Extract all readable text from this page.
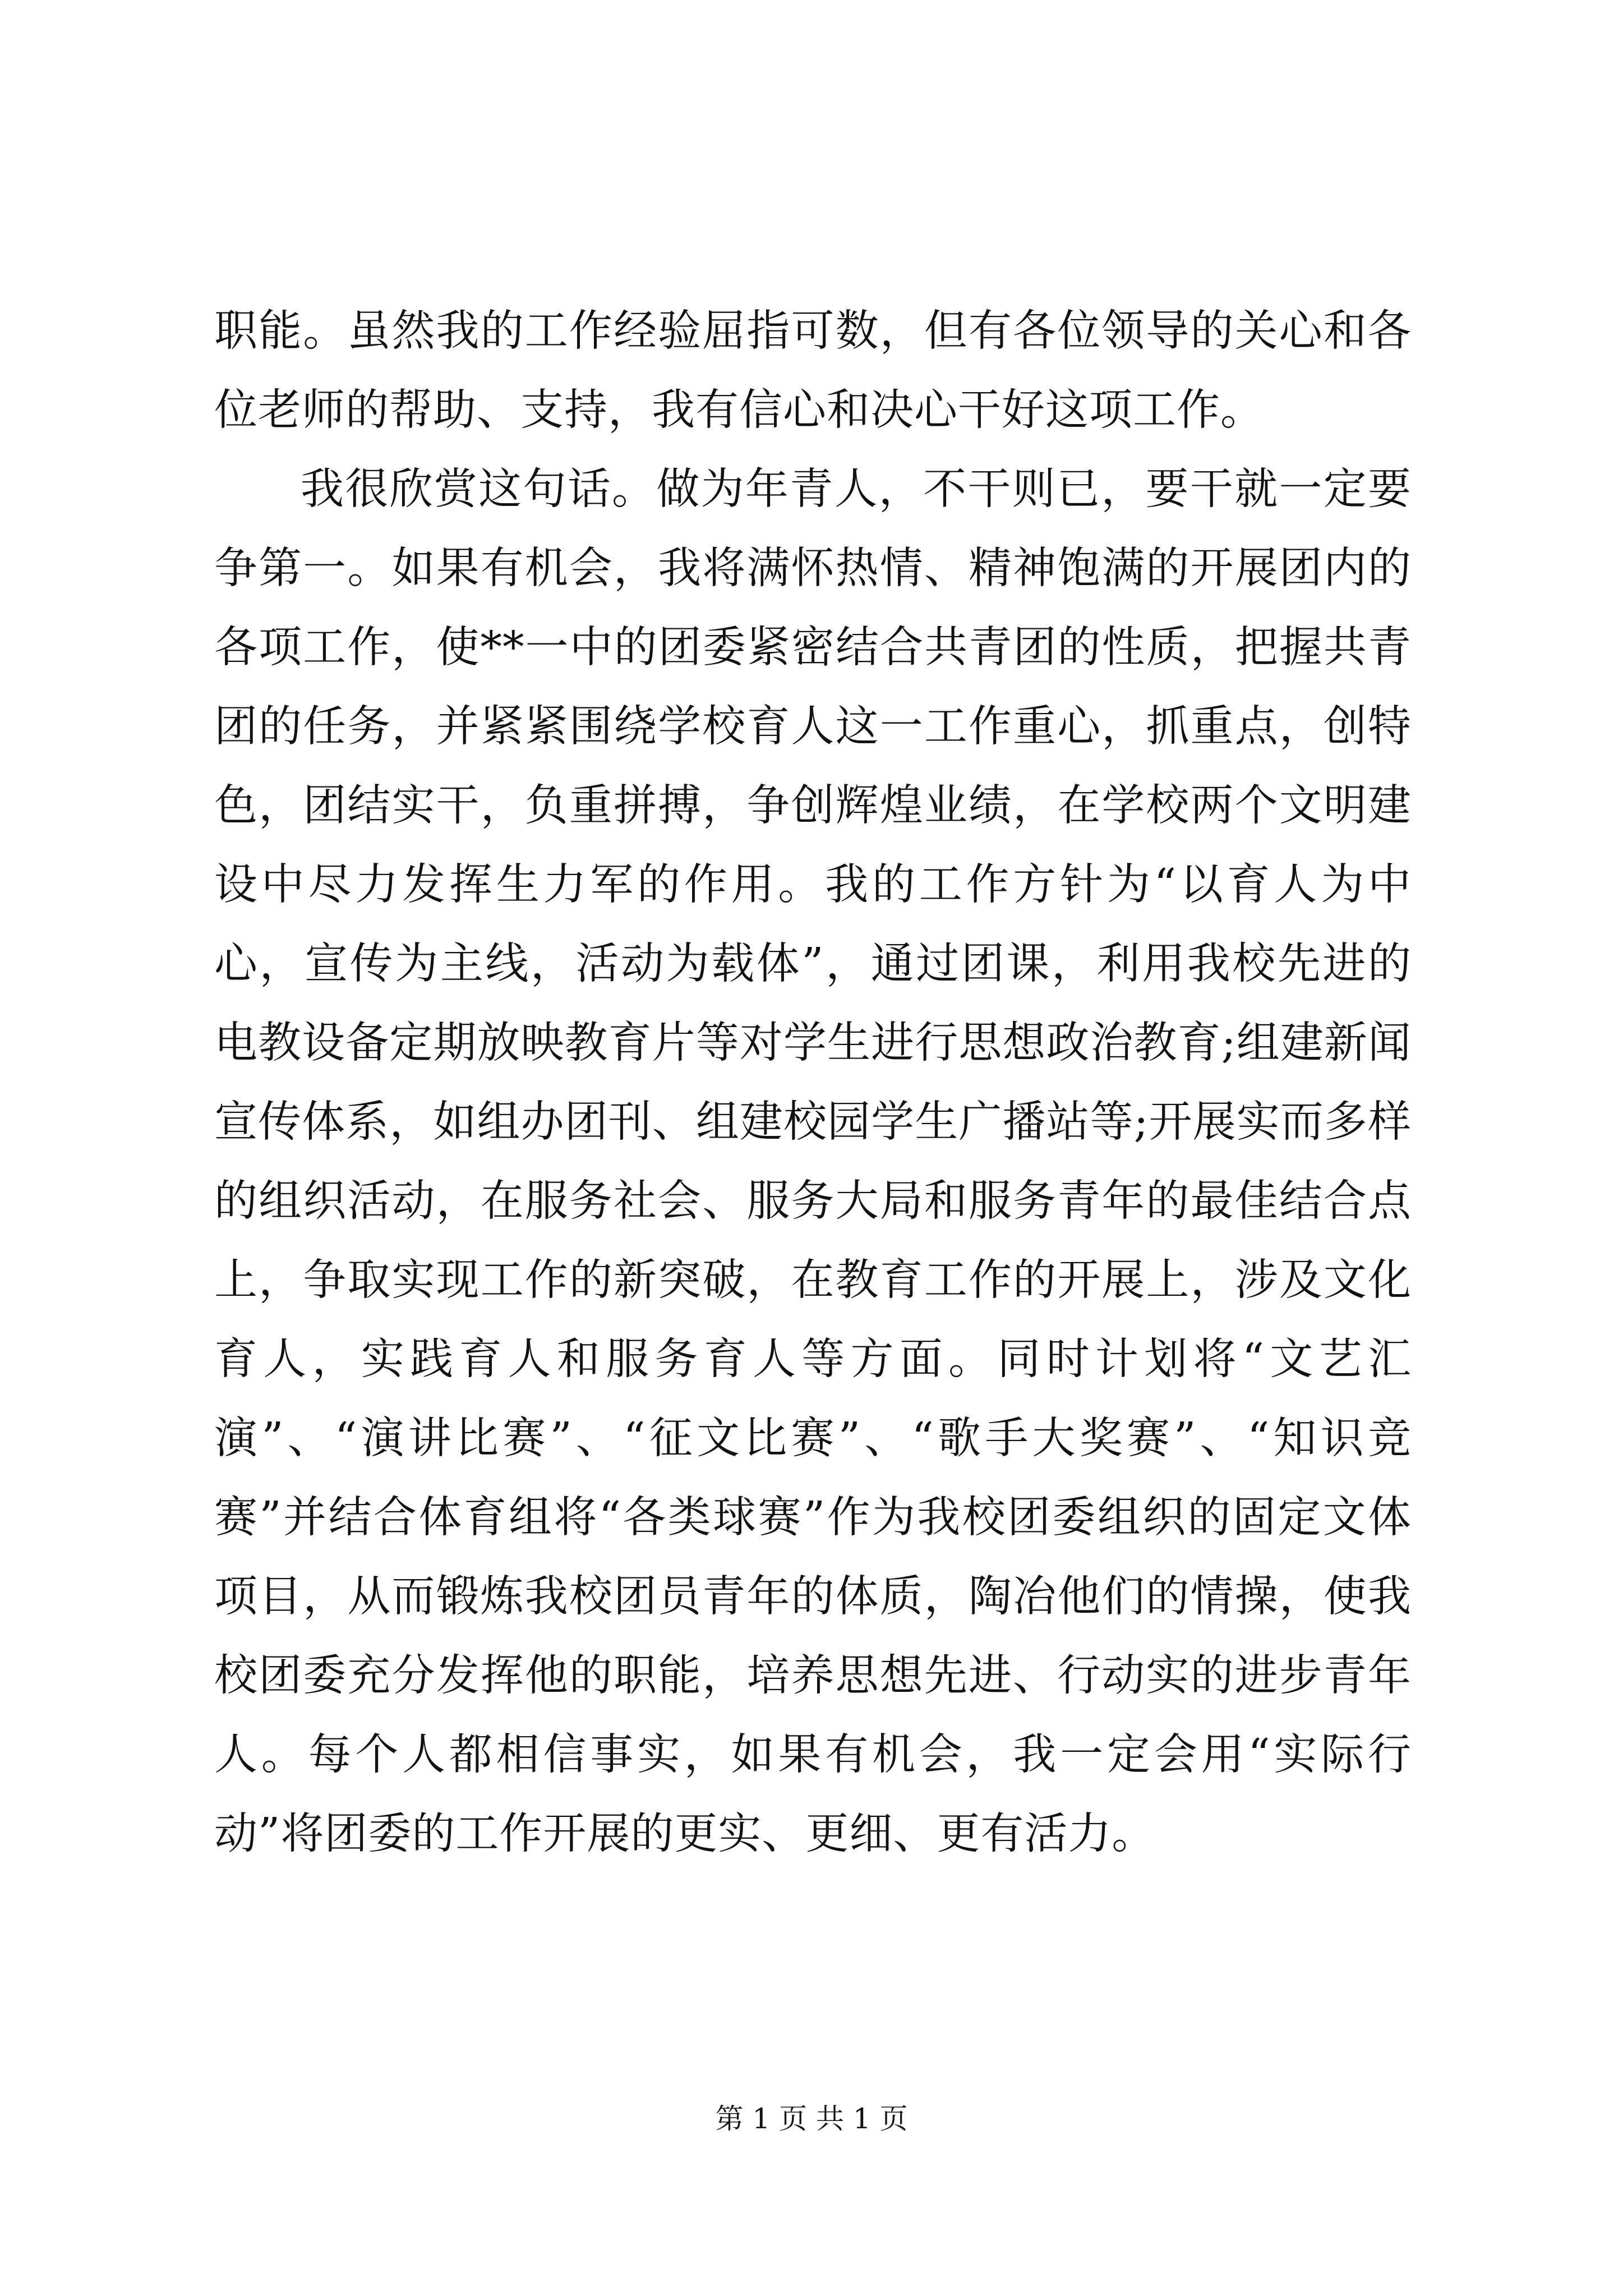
职能。虽然我的工作经验屈指可数，但有各位领导的关心和各位老师的帮助、支持，我有信心和决心干好这项工作。

我很欣赏这句话。做为年青人，不干则已，要干就一定要争第一。如果有机会，我将满怀热情、精神饱满的开展团内的各项工作，使**一中的团委紧密结合共青团的性质，把握共青团的任务，并紧紧围绕学校育人这一工作重心，抓重点，创特色，团结实干，负重拼搏，争创辉煌业绩，在学校两个文明建设中尽力发挥生力军的作用。我的工作方针为“以育人为中心，宣传为主线，活动为载体”，通过团课，利用我校先进的电教设备定期放映教育片等对学生进行思想政治教育;组建新闻宣传体系，如组办团刊、组建校园学生广播站等;开展实而多样的组织活动，在服务社会、服务大局和服务青年的最佳结合点上，争取实现工作的新突破，在教育工作的开展上，涉及文化育人，实践育人和服务育人等方面。同时计划将“文艺汇演”、“演讲比赛”、“征文比赛”、“歌手大奖赛”、“知识竞赛”并结合体育组将“各类球赛”作为我校团委组织的固定文体项目，从而锻炼我校团员青年的体质，陶冶他们的情操，使我校团委充分发挥他的职能，培养思想先进、行动实的进步青年人。每个人都相信事实，如果有机会，我一定会用“实际行动”将团委的工作开展的更实、更细、更有活力。

第 1 页 共 1 页
